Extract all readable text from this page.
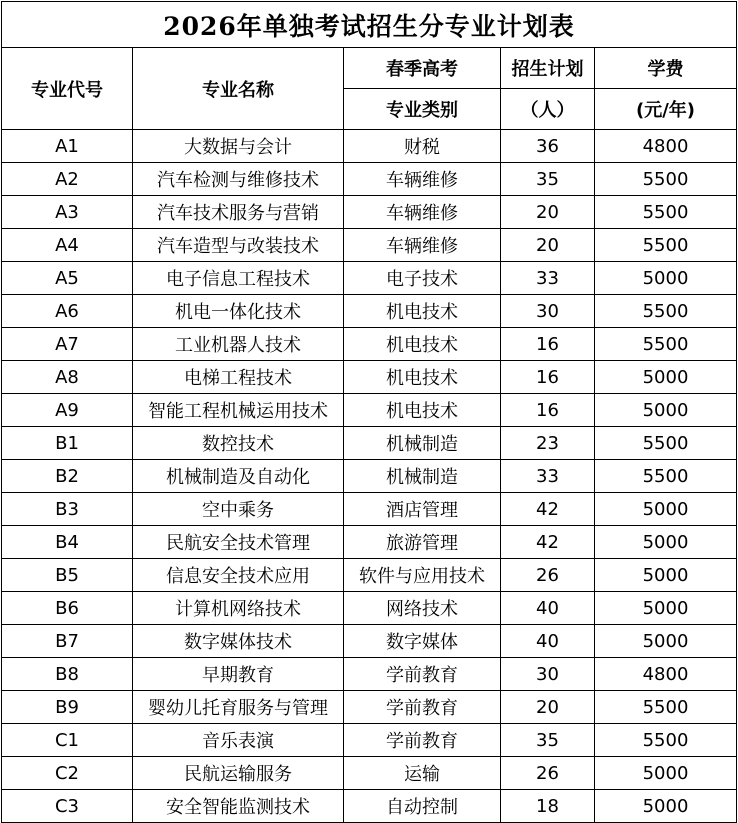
2026年单独考试招生分专业计划表				
专业代号	专业名称	春季高考	招生计划	学费
		专业类别	（人）	(元/年)
A1	大数据与会计	财税	36	4800
A2	汽车检测与维修技术	车辆维修	35	5500
A3	汽车技术服务与营销	车辆维修	20	5500
A4	汽车造型与改装技术	车辆维修	20	5500
A5	电子信息工程技术	电子技术	33	5000
A6	机电一体化技术	机电技术	30	5500
A7	工业机器人技术	机电技术	16	5500
A8	电梯工程技术	机电技术	16	5000
A9	智能工程机械运用技术	机电技术	16	5000
B1	数控技术	机械制造	23	5500
B2	机械制造及自动化	机械制造	33	5500
B3	空中乘务	酒店管理	42	5000
B4	民航安全技术管理	旅游管理	42	5000
B5	信息安全技术应用	软件与应用技术	26	5000
B6	计算机网络技术	网络技术	40	5000
B7	数字媒体技术	数字媒体	40	5000
B8	早期教育	学前教育	30	4800
B9	婴幼儿托育服务与管理	学前教育	20	5500
C1	音乐表演	学前教育	35	5500
C2	民航运输服务	运输	26	5000
C3	安全智能监测技术	自动控制	18	5000
